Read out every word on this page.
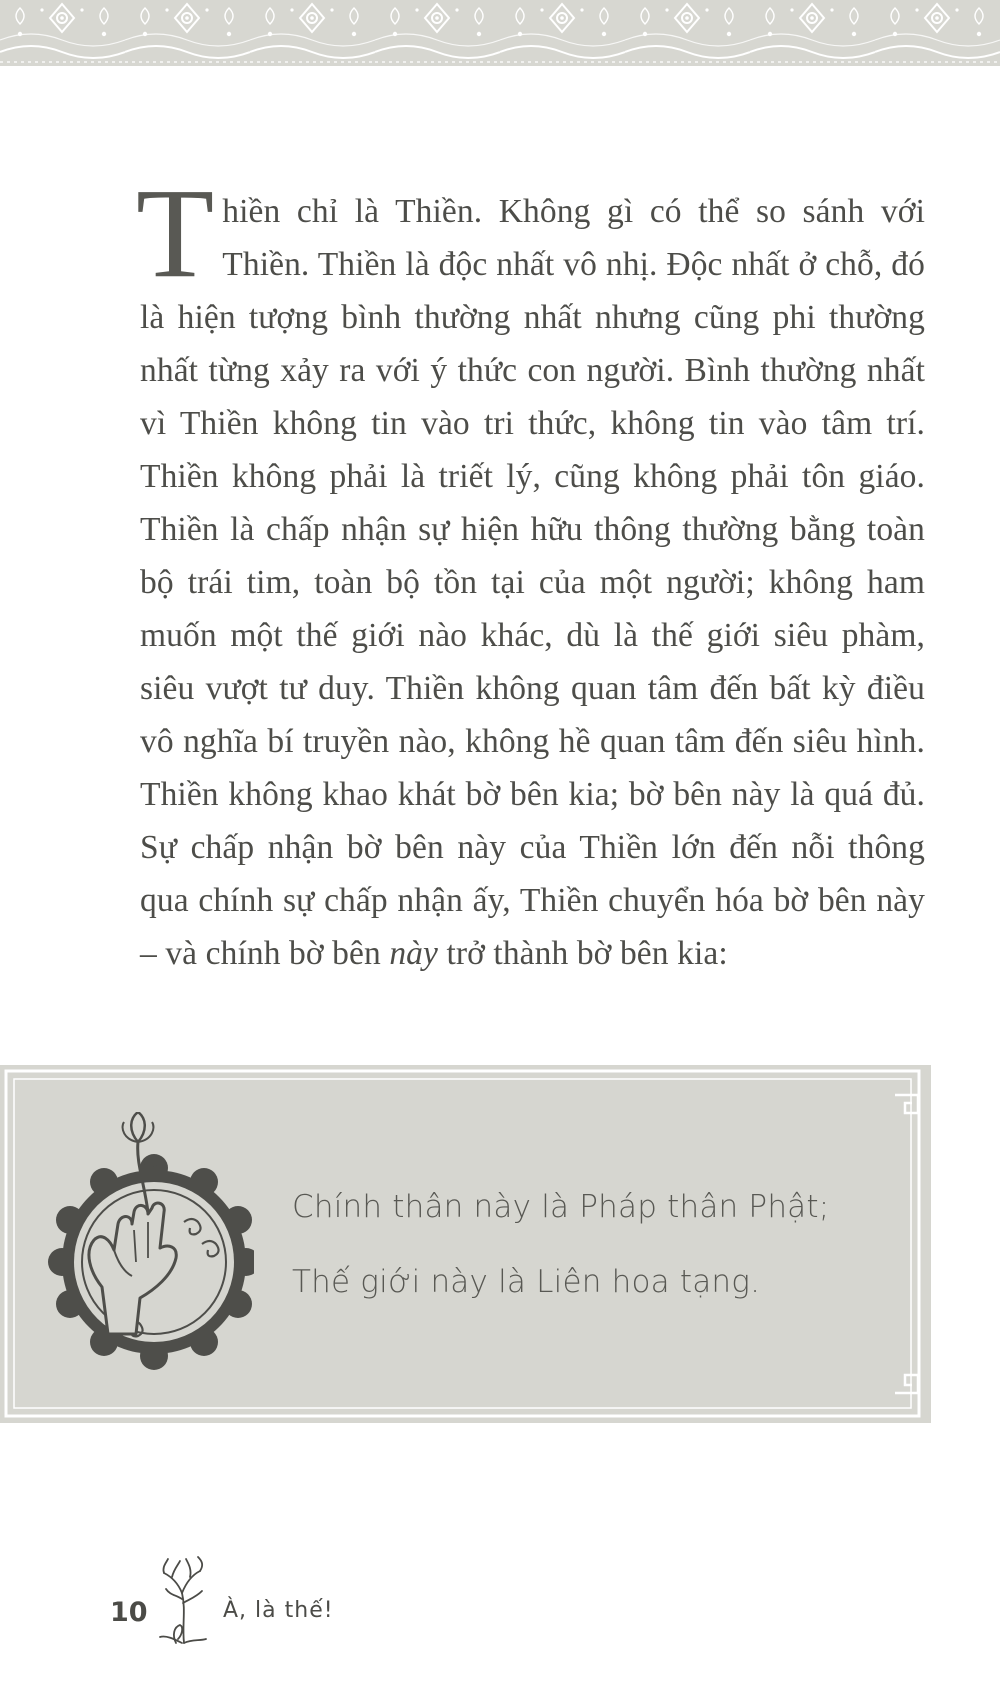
Thiền chỉ là Thiền. Không gì có thể so sánh với Thiền. Thiền là độc nhất vô nhị. Độc nhất ở chỗ, đó là hiện tượng bình thường nhất nhưng cũng phi thường nhất từng xảy ra với ý thức con người. Bình thường nhất vì Thiền không tin vào tri thức, không tin vào tâm trí. Thiền không phải là triết lý, cũng không phải tôn giáo. Thiền là chấp nhận sự hiện hữu thông thường bằng toàn bộ trái tim, toàn bộ tồn tại của một người; không ham muốn một thế giới nào khác, dù là thế giới siêu phàm, siêu vượt tư duy. Thiền không quan tâm đến bất kỳ điều vô nghĩa bí truyền nào, không hề quan tâm đến siêu hình. Thiền không khao khát bờ bên kia; bờ bên này là quá đủ. Sự chấp nhận bờ bên này của Thiền lớn đến nỗi thông qua chính sự chấp nhận ấy, Thiền chuyển hóa bờ bên này – và chính bờ bên này trở thành bờ bên kia:
Chính thân này là Pháp thân Phật;
Thế giới này là Liên hoa tạng.
10	À, là thế!
